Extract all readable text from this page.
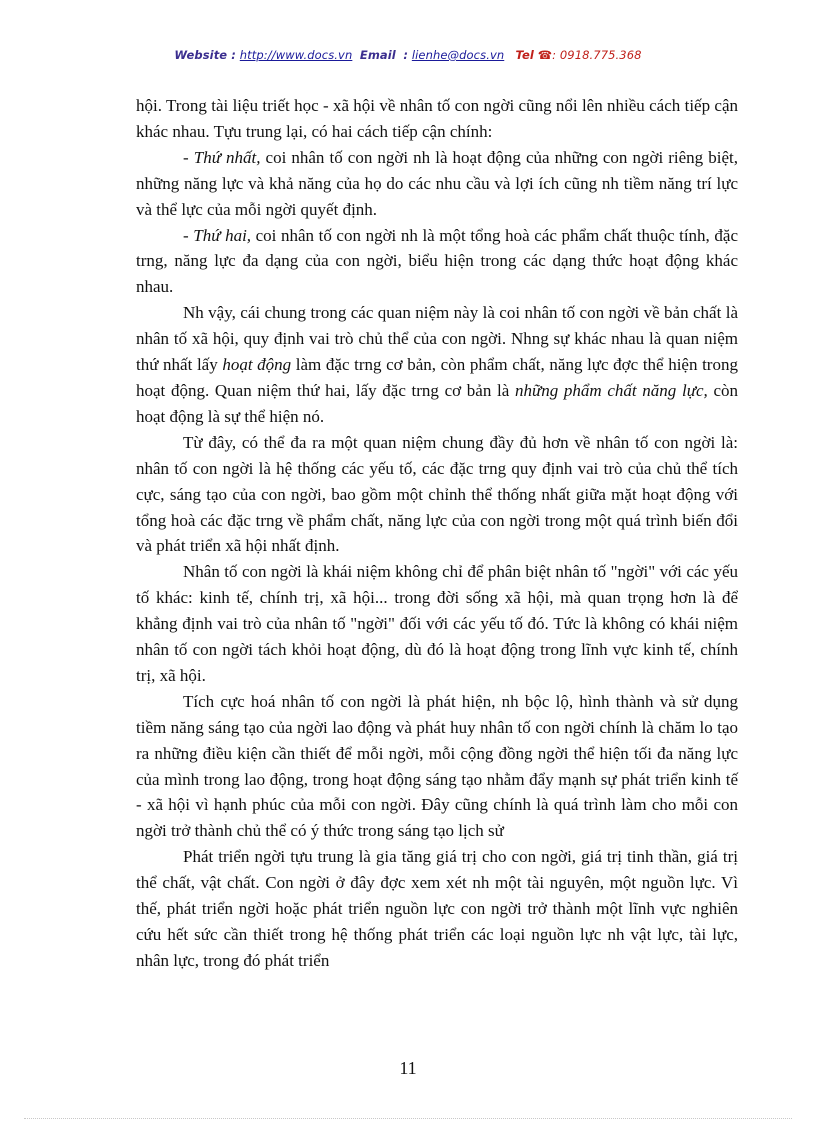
Website : http://www.docs.vn Email : lienhe@docs.vn Tel ☎: 0918.775.368

hội. Trong tài liệu triết học - xã hội về nhân tố con ngời cũng nổi lên nhiều cách tiếp cận khác nhau. Tựu trung lại, có hai cách tiếp cận chính:

- Thứ nhất, coi nhân tố con ngời nh là hoạt động của những con ngời riêng biệt, những năng lực và khả năng của họ do các nhu cầu và lợi ích cũng nh tiềm năng trí lực và thể lực của mỗi ngời quyết định.

- Thứ hai, coi nhân tố con ngời nh là một tổng hoà các phẩm chất thuộc tính, đặc trng, năng lực đa dạng của con ngời, biểu hiện trong các dạng thức hoạt động khác nhau.

Nh vậy, cái chung trong các quan niệm này là coi nhân tố con ngời về bản chất là nhân tố xã hội, quy định vai trò chủ thể của con ngời. Nhng sự khác nhau là quan niệm thứ nhất lấy hoạt động làm đặc trng cơ bản, còn phẩm chất, năng lực đợc thể hiện trong hoạt động. Quan niệm thứ hai, lấy đặc trng cơ bản là những phẩm chất năng lực, còn hoạt động là sự thể hiện nó.

Từ đây, có thể đa ra một quan niệm chung đầy đủ hơn về nhân tố con ngời là: nhân tố con ngời là hệ thống các yếu tố, các đặc trng quy định vai trò của chủ thể tích cực, sáng tạo của con ngời, bao gồm một chỉnh thể thống nhất giữa mặt hoạt động với tổng hoà các đặc trng về phẩm chất, năng lực của con ngời trong một quá trình biến đổi và phát triển xã hội nhất định.

Nhân tố con ngời là khái niệm không chỉ để phân biệt nhân tố "ngời" với các yếu tố khác: kinh tế, chính trị, xã hội... trong đời sống xã hội, mà quan trọng hơn là để khẳng định vai trò của nhân tố "ngời" đối với các yếu tố đó. Tức là không có khái niệm nhân tố con ngời tách khỏi hoạt động, dù đó là hoạt động trong lĩnh vực kinh tế, chính trị, xã hội.

Tích cực hoá nhân tố con ngời là phát hiện, nh bộc lộ, hình thành và sử dụng tiềm năng sáng tạo của ngời lao động và phát huy nhân tố con ngời chính là chăm lo tạo ra những điều kiện cần thiết để mỗi ngời, mỗi cộng đồng ngời thể hiện tối đa năng lực của mình trong lao động, trong hoạt động sáng tạo nhằm đẩy mạnh sự phát triển kinh tế - xã hội vì hạnh phúc của mỗi con ngời. Đây cũng chính là quá trình làm cho mỗi con ngời trở thành chủ thể có ý thức trong sáng tạo lịch sử

Phát triển ngời tựu trung là gia tăng giá trị cho con ngời, giá trị tinh thần, giá trị thể chất, vật chất. Con ngời ở đây đợc xem xét nh một tài nguyên, một nguồn lực. Vì thế, phát triển ngời hoặc phát triển nguồn lực con ngời trở thành một lĩnh vực nghiên cứu hết sức cần thiết trong hệ thống phát triển các loại nguồn lực nh vật lực, tài lực, nhân lực, trong đó phát triển

11
